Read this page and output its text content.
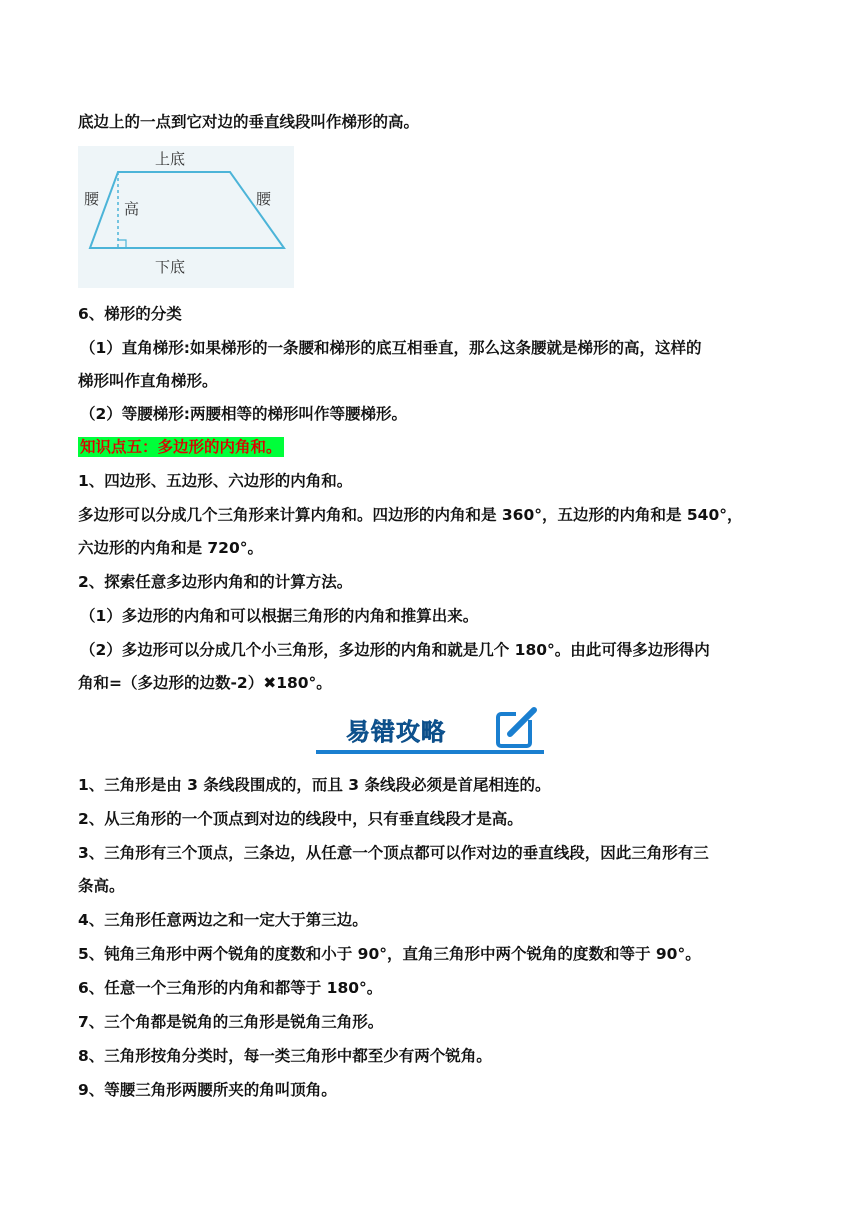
底边上的一点到它对边的垂直线段叫作梯形的高。
上底
腰
高
腰
下底
6、梯形的分类
（1）直角梯形:如果梯形的一条腰和梯形的底互相垂直，那么这条腰就是梯形的高，这样的
梯形叫作直角梯形。
（2）等腰梯形:两腰相等的梯形叫作等腰梯形。
知识点五：多边形的内角和。
1、四边形、五边形、六边形的内角和。
多边形可以分成几个三角形来计算内角和。四边形的内角和是 360°，五边形的内角和是 540°，
六边形的内角和是 720°。
2、探索任意多边形内角和的计算方法。
（1）多边形的内角和可以根据三角形的内角和推算出来。
（2）多边形可以分成几个小三角形，多边形的内角和就是几个 180°。由此可得多边形得内
角和=（多边形的边数-2）✖180°。
易错攻略
1、三角形是由 3 条线段围成的，而且 3 条线段必须是首尾相连的。
2、从三角形的一个顶点到对边的线段中，只有垂直线段才是高。
3、三角形有三个顶点，三条边，从任意一个顶点都可以作对边的垂直线段，因此三角形有三
条高。
4、三角形任意两边之和一定大于第三边。
5、钝角三角形中两个锐角的度数和小于 90°，直角三角形中两个锐角的度数和等于 90°。
6、任意一个三角形的内角和都等于 180°。
7、三个角都是锐角的三角形是锐角三角形。
8、三角形按角分类时，每一类三角形中都至少有两个锐角。
9、等腰三角形两腰所夹的角叫顶角。
